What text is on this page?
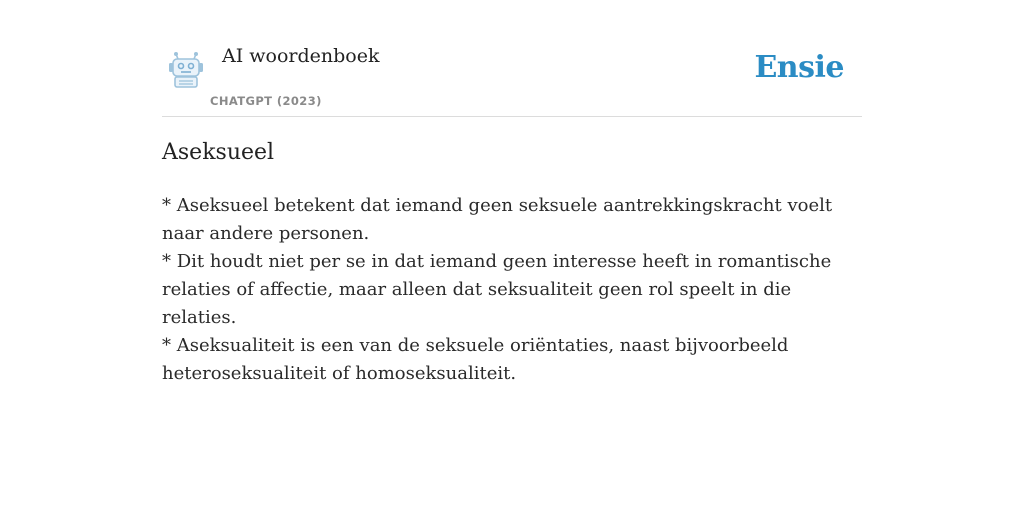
AI woordenboek
CHATGPT (2023)
Ensie
Aseksueel

* Aseksueel betekent dat iemand geen seksuele aantrekkingskracht voelt naar andere personen.

* Dit houdt niet per se in dat iemand geen interesse heeft in romantische relaties of affectie, maar alleen dat seksualiteit geen rol speelt in die relaties.

* Aseksualiteit is een van de seksuele oriëntaties, naast bijvoorbeeld heteroseksualiteit of homoseksualiteit.
